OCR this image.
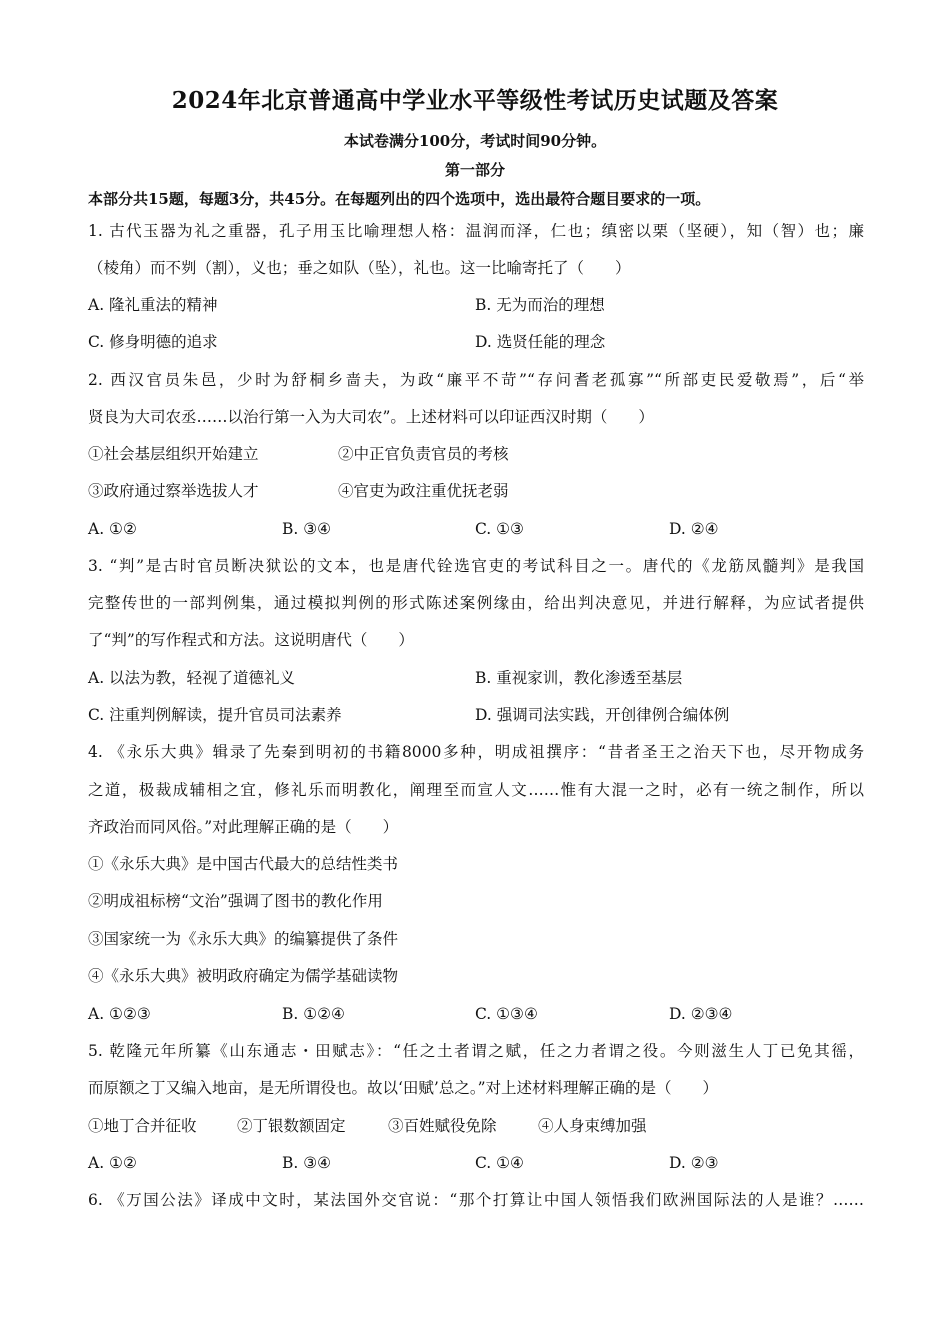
2024年北京普通高中学业水平等级性考试历史试题及答案
本试卷满分100分，考试时间90分钟。
第一部分
本部分共15题，每题3分，共45分。在每题列出的四个选项中，选出最符合题目要求的一项。
1. 古代玉器为礼之重器，孔子用玉比喻理想人格：温润而泽，仁也；缜密以栗（坚硬），知（智）也；廉
（棱角）而不刿（割），义也；垂之如队（坠），礼也。这一比喻寄托了（　　）
A. 隆礼重法的精神	B. 无为而治的理想
C. 修身明德的追求	D. 选贤任能的理念
2. 西汉官员朱邑，少时为舒桐乡啬夫，为政“廉平不苛”“存问耆老孤寡”“所部吏民爱敬焉”，后“举
贤良为大司农丞……以治行第一入为大司农”。上述材料可以印证西汉时期（　　）
①社会基层组织开始建立	②中正官负责官员的考核
③政府通过察举选拔人才	④官吏为政注重优抚老弱
A. ①②	B. ③④	C. ①③	D. ②④
3. “判”是古时官员断决狱讼的文本，也是唐代铨选官吏的考试科目之一。唐代的《龙筋凤髓判》是我国
完整传世的一部判例集，通过模拟判例的形式陈述案例缘由，给出判决意见，并进行解释，为应试者提供
了“判”的写作程式和方法。这说明唐代（　　）
A. 以法为教，轻视了道德礼义	B. 重视家训，教化渗透至基层
C. 注重判例解读，提升官员司法素养	D. 强调司法实践，开创律例合编体例
4. 《永乐大典》辑录了先秦到明初的书籍8000多种，明成祖撰序：“昔者圣王之治天下也，尽开物成务
之道，极裁成辅相之宜，修礼乐而明教化，阐理至而宣人文……惟有大混一之时，必有一统之制作，所以
齐政治而同风俗。”对此理解正确的是（　　）
①《永乐大典》是中国古代最大的总结性类书
②明成祖标榜“文治”强调了图书的教化作用
③国家统一为《永乐大典》的编纂提供了条件
④《永乐大典》被明政府确定为儒学基础读物
A. ①②③	B. ①②④	C. ①③④	D. ②③④
5. 乾隆元年所纂《山东通志・田赋志》：“任之土者谓之赋，任之力者谓之役。今则滋生人丁已免其徭，
而原额之丁又编入地亩，是无所谓役也。故以‘田赋’总之。”对上述材料理解正确的是（　　）
①地丁合并征收	②丁银数额固定	③百姓赋役免除	④人身束缚加强
A. ①②	B. ③④	C. ①④	D. ②③
6. 《万国公法》译成中文时，某法国外交官说：“那个打算让中国人领悟我们欧洲国际法的人是谁？……
